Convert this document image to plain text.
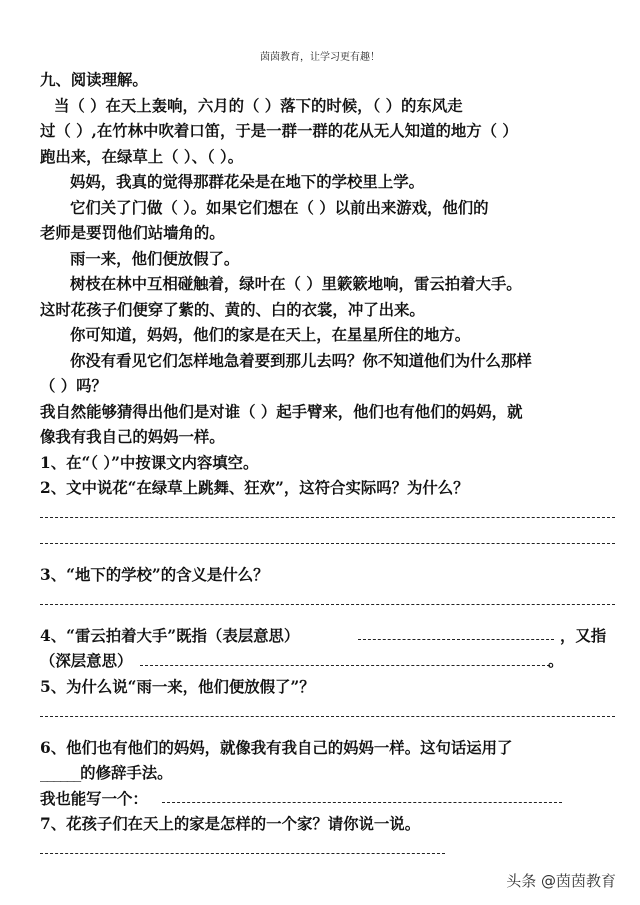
茵茵教育，让学习更有趣！
九、阅读理解。
当（ ）在天上轰响，六月的（ ）落下的时候，（ ）的东风走
过（ ）,在竹林中吹着口笛，于是一群一群的花从无人知道的地方（ ）
跑出来，在绿草上（ ）、（ ）。
妈妈，我真的觉得那群花朵是在地下的学校里上学。
它们关了门做（ ）。如果它们想在（ ）以前出来游戏，他们的
老师是要罚他们站墙角的。
雨一来，他们便放假了。
树枝在林中互相碰触着，绿叶在（ ）里簌簌地响，雷云拍着大手。
这时花孩子们便穿了紫的、黄的、白的衣裳，冲了出来。
你可知道，妈妈，他们的家是在天上，在星星所住的地方。
你没有看见它们怎样地急着要到那儿去吗？你不知道他们为什么那样
（ ）吗？
我自然能够猜得出他们是对谁（ ）起手臂来，他们也有他们的妈妈，就
像我有我自己的妈妈一样。
1、在“（ ）”中按课文内容填空。
2、文中说花“在绿草上跳舞、狂欢”，这符合实际吗？为什么？
3、“地下的学校”的含义是什么？
4、“雷云拍着大手”既指（表层意思）	，又指
（深层意思）	。
5、为什么说“雨一来，他们便放假了”？
6、他们也有他们的妈妈，就像我有我自己的妈妈一样。这句话运用了
______的修辞手法。
我也能写一个：
7、花孩子们在天上的家是怎样的一个家？请你说一说。
头条 @茵茵教育
